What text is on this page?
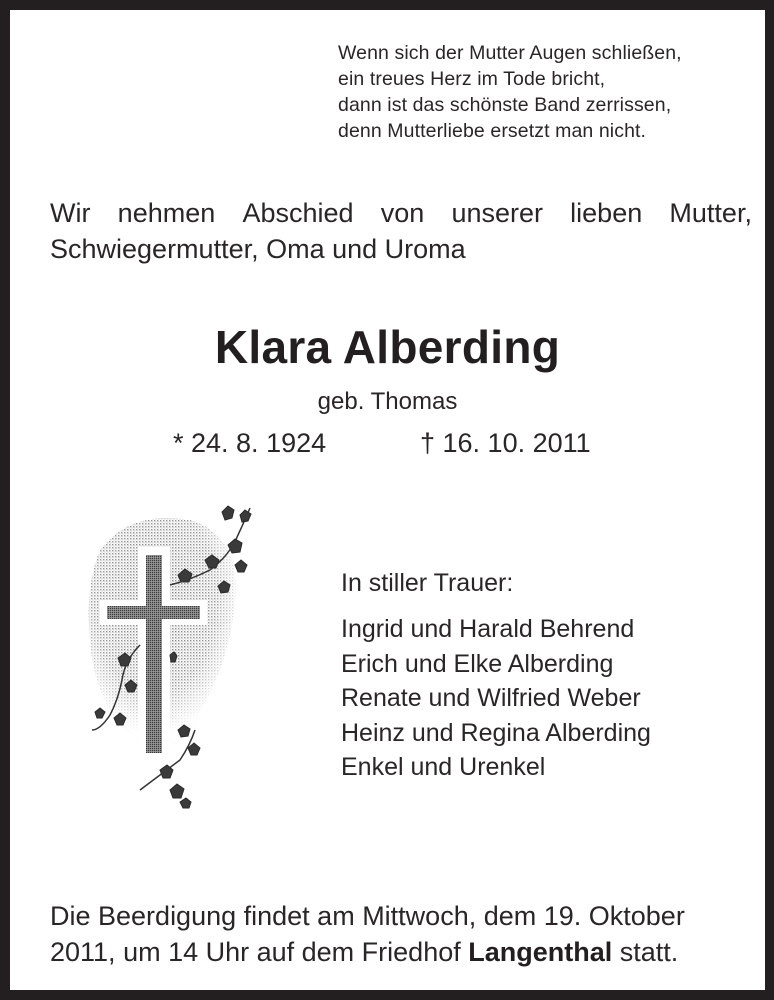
Wenn sich der Mutter Augen schließen,
ein treues Herz im Tode bricht,
dann ist das schönste Band zerrissen,
denn Mutterliebe ersetzt man nicht.
Wir nehmen Abschied von unserer lieben Mutter,
Schwiegermutter, Oma und Uroma
Klara Alberding
geb. Thomas
* 24. 8. 1924	† 16. 10. 2011
In stiller Trauer:
Ingrid und Harald Behrend
Erich und Elke Alberding
Renate und Wilfried Weber
Heinz und Regina Alberding
Enkel und Urenkel
Die Beerdigung findet am Mittwoch, dem 19. Oktober
2011, um 14 Uhr auf dem Friedhof Langenthal statt.
